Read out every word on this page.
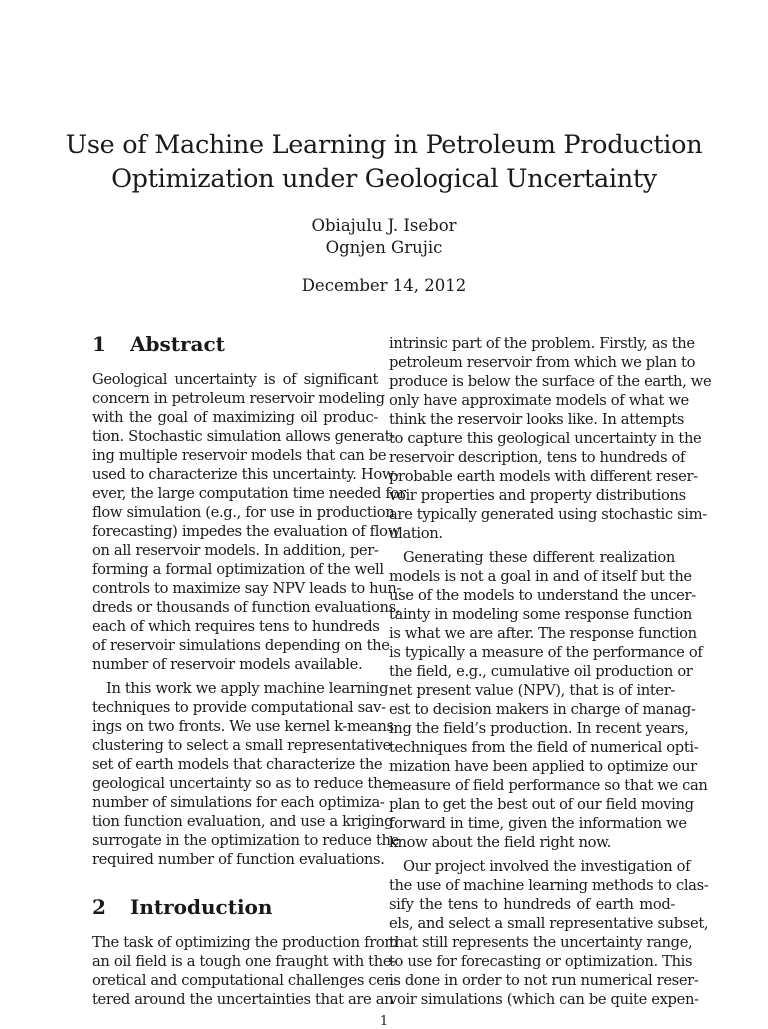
Use of Machine Learning in Petroleum Production
Optimization under Geological Uncertainty
Obiajulu J. Isebor
Ognjen Grujic
December 14, 2012
1	Abstract
Geological uncertainty is of significant
concern in petroleum reservoir modeling
with the goal of maximizing oil produc-
tion. Stochastic simulation allows generat-
ing multiple reservoir models that can be
used to characterize this uncertainty. How-
ever, the large computation time needed for
flow simulation (e.g., for use in production
forecasting) impedes the evaluation of flow
on all reservoir models. In addition, per-
forming a formal optimization of the well
controls to maximize say NPV leads to hun-
dreds or thousands of function evaluations,
each of which requires tens to hundreds
of reservoir simulations depending on the
number of reservoir models available.
In this work we apply machine learning
techniques to provide computational sav-
ings on two fronts. We use kernel k-means
clustering to select a small representative
set of earth models that characterize the
geological uncertainty so as to reduce the
number of simulations for each optimiza-
tion function evaluation, and use a kriging
surrogate in the optimization to reduce the
required number of function evaluations.
2	Introduction
The task of optimizing the production from
an oil field is a tough one fraught with the-
oretical and computational challenges cen-
tered around the uncertainties that are an
intrinsic part of the problem. Firstly, as the
petroleum reservoir from which we plan to
produce is below the surface of the earth, we
only have approximate models of what we
think the reservoir looks like. In attempts
to capture this geological uncertainty in the
reservoir description, tens to hundreds of
probable earth models with different reser-
voir properties and property distributions
are typically generated using stochastic sim-
ulation.
Generating these different realization
models is not a goal in and of itself but the
use of the models to understand the uncer-
tainty in modeling some response function
is what we are after. The response function
is typically a measure of the performance of
the field, e.g., cumulative oil production or
net present value (NPV), that is of inter-
est to decision makers in charge of manag-
ing the field’s production. In recent years,
techniques from the field of numerical opti-
mization have been applied to optimize our
measure of field performance so that we can
plan to get the best out of our field moving
forward in time, given the information we
know about the field right now.
Our project involved the investigation of
the use of machine learning methods to clas-
sify the tens to hundreds of earth mod-
els, and select a small representative subset,
that still represents the uncertainty range,
to use for forecasting or optimization. This
is done in order to not run numerical reser-
voir simulations (which can be quite expen-
1
